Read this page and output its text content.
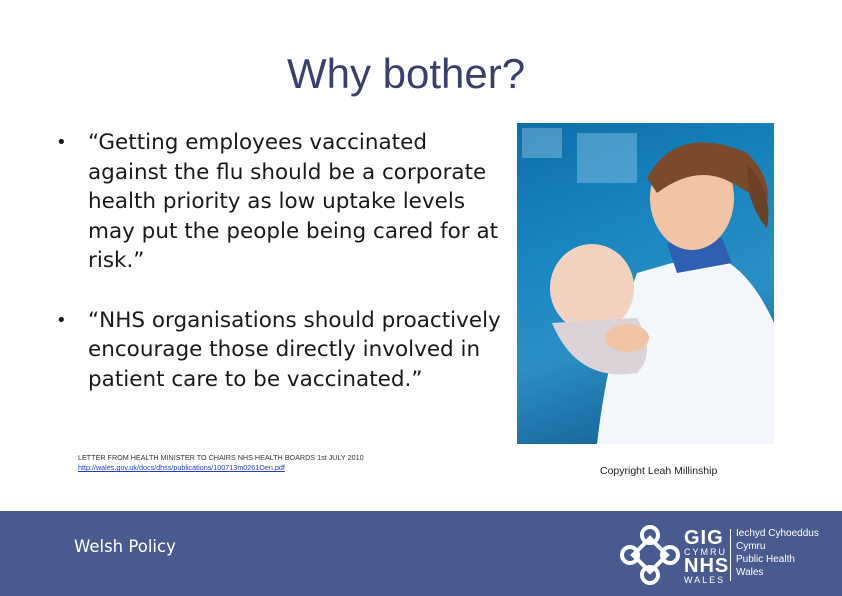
Why bother?
• “Getting employees vaccinated against the flu should be a corporate health priority as low uptake levels may put the people being cared for at risk.”
• “NHS organisations should proactively encourage those directly involved in patient care to be vaccinated.”
LETTER FROM HEALTH MINISTER TO CHAIRS NHS HEALTH BOARDS 1st JULY 2010
http://wales.gov.uk/docs/dhss/publications/100713m0261Oen.pdf	Copyright Leah Millinship
Welsh Policy	GIG
CYMRU
NHS
WALES
Iechyd Cyhoeddus
Cymru
Public Health
Wales
